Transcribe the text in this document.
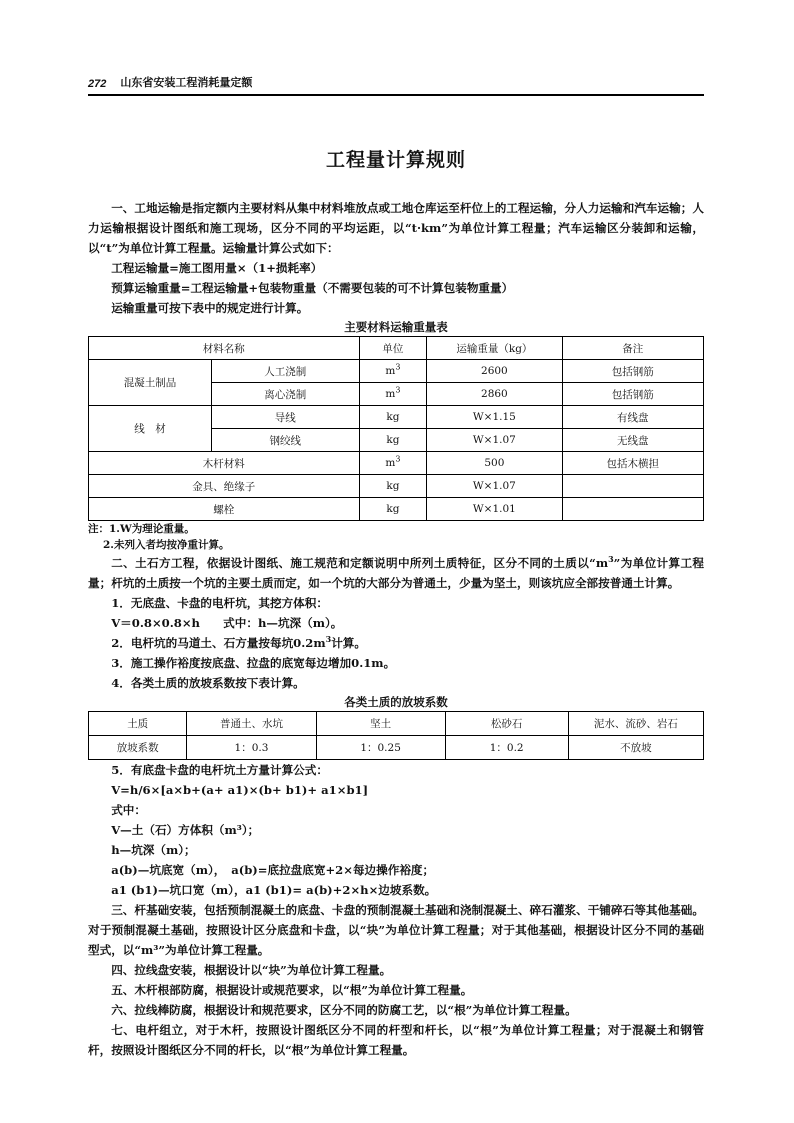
272 山东省安装工程消耗量定额
工程量计算规则

一、工地运输是指定额内主要材料从集中材料堆放点或工地仓库运至杆位上的工程运输，分人力运输和汽车运输；人力运输根据设计图纸和施工现场，区分不同的平均运距，以“t·km”为单位计算工程量；汽车运输区分装卸和运输，以“t”为单位计算工程量。运输量计算公式如下：

工程运输量=施工图用量×（1+损耗率）

预算运输重量=工程运输量+包装物重量（不需要包装的可不计算包装物重量）

运输重量可按下表中的规定进行计算。

主要材料运输重量表
材料名称		单位	运输重量（kg）	备注
混凝土制品	人工浇制	$m^3$	2600	包括钢筋
	离心浇制	$m^3$	2860	包括钢筋
线　材	导线	kg	W×1.15	有线盘
	钢绞线	kg	W×1.07	无线盘
木杆材料		$m^3$	500	包括木横担
金具、绝缘子		kg	W×1.07	
螺栓		kg	W×1.01	
注：1.W为理论重量。
2.未列入者均按净重计算。

二、土石方工程，依据设计图纸、施工规范和定额说明中所列土质特征，区分不同的土质以“$m^3$”为单位计算工程量；杆坑的土质按一个坑的主要土质而定，如一个坑的大部分为普通土，少量为坚土，则该坑应全部按普通土计算。

1．无底盘、卡盘的电杆坑，其挖方体积：

V＝0.8×0.8×h　　式中：h—坑深（m）。

2．电杆坑的马道土、石方量按每坑$0.2m^3$计算。

3．施工操作裕度按底盘、拉盘的底宽每边增加0.1m。

4．各类土质的放坡系数按下表计算。

各类土质的放坡系数
土质	普通土、水坑	坚土	松砂石	泥水、流砂、岩石
放坡系数	1：0.3	1：0.25	1：0.2	不放坡

5．有底盘卡盘的电杆坑土方量计算公式：

V=h/6×[a×b+(a+ a1)×(b+ b1)+ a1×b1]

式中：

V—土（石）方体积（m³）；

h—坑深（m）；

a(b)—坑底宽（m），　a(b)=底拉盘底宽+2×每边操作裕度；

a1 (b1)—坑口宽（m），a1 (b1)= a(b)+2×h×边坡系数。

三、杆基础安装，包括预制混凝土的底盘、卡盘的预制混凝土基础和浇制混凝土、碎石灌浆、干铺碎石等其他基础。对于预制混凝土基础，按照设计区分底盘和卡盘，以“块”为单位计算工程量；对于其他基础，根据设计区分不同的基础型式，以“m³”为单位计算工程量。

四、拉线盘安装，根据设计以“块”为单位计算工程量。

五、木杆根部防腐，根据设计或规范要求，以“根”为单位计算工程量。

六、拉线棒防腐，根据设计和规范要求，区分不同的防腐工艺，以“根”为单位计算工程量。

七、电杆组立，对于木杆，按照设计图纸区分不同的杆型和杆长，以“根”为单位计算工程量；对于混凝土和钢管杆，按照设计图纸区分不同的杆长，以“根”为单位计算工程量。
